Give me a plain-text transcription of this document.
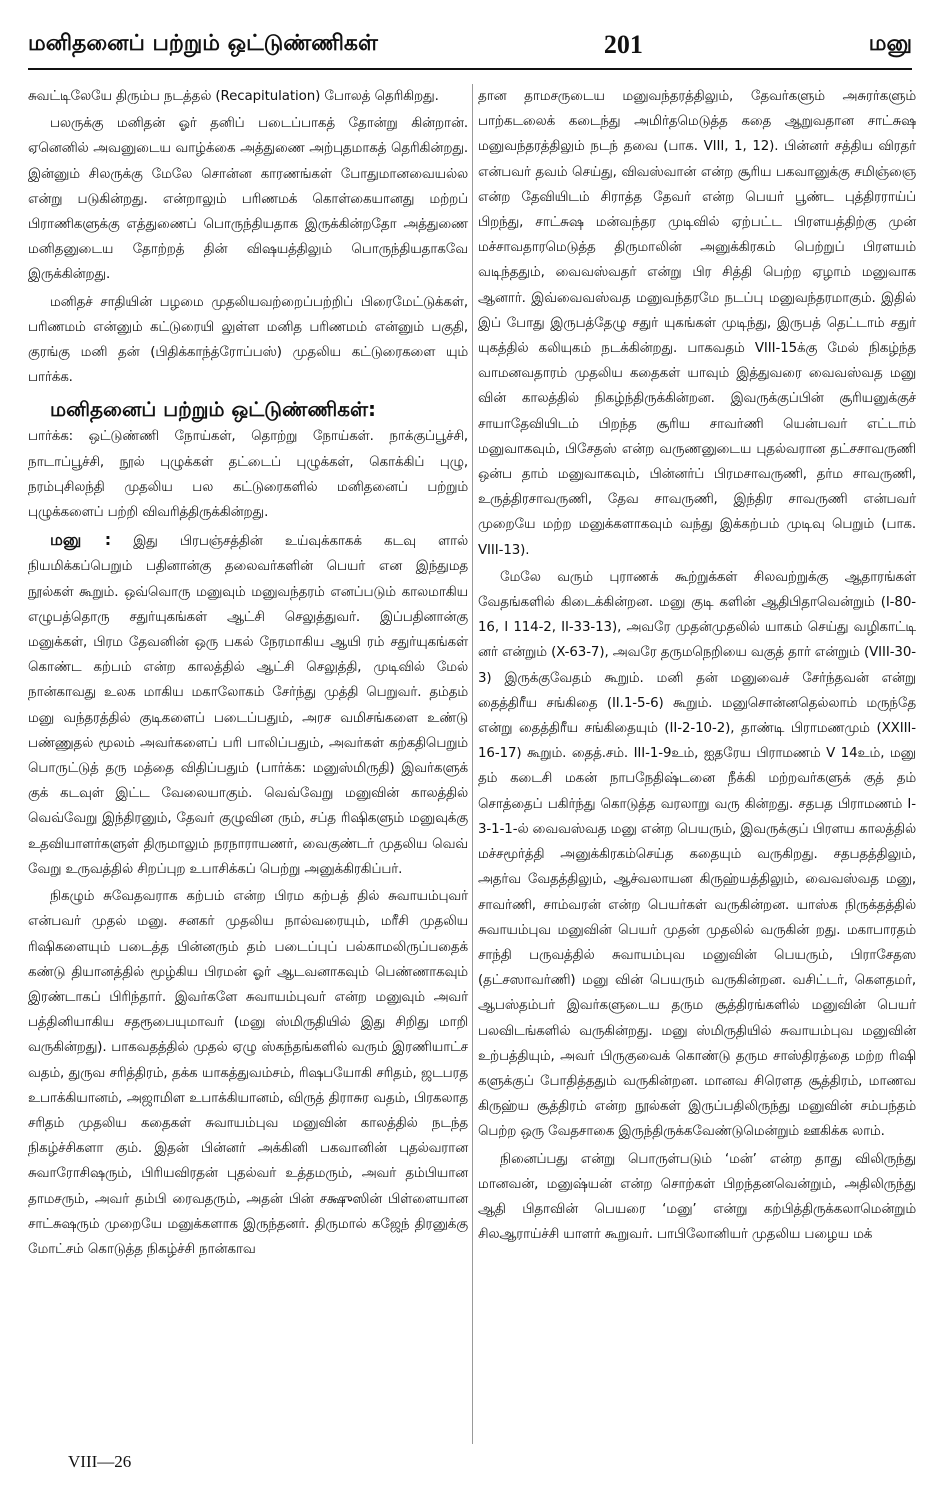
மனிதனைப் பற்றும் ஒட்டுண்ணிகள்	201	மனு

சுவட்டிலேயே திரும்ப நடத்தல் (Recapitulation) போலத் தெரிகிறது.

பலருக்கு மனிதன் ஓர் தனிப் படைப்பாகத் தோன்று கின்றான். ஏனெனில் அவனுடைய வாழ்க்கை அத்துணை அற்புதமாகத் தெரிகின்றது. இன்னும் சிலருக்கு மேலே சொன்ன காரணங்கள் போதுமானவையல்ல என்று படுகின்றது. என்றாலும் பரிணமக் கொள்கையானது மற்றப் பிராணிகளுக்கு எத்துணைப் பொருந்தியதாக இருக்கின்றதோ அத்துணை மனிதனுடைய தோற்றத் தின் விஷயத்திலும் பொருந்தியதாகவே இருக்கின்றது.

மனிதச் சாதியின் பழமை முதலியவற்றைப்பற்றிப் பிரைமேட்டுக்கள், பரிணமம் என்னும் கட்டுரையி லுள்ள மனித பரிணமம் என்னும் பகுதி, குரங்கு மனி தன் (பிதிக்காந்த்ரோப்பஸ்) முதலிய கட்டுரைகளை யும் பார்க்க.

மனிதனைப் பற்றும் ஒட்டுண்ணிகள்:

பார்க்க: ஒட்டுண்ணி நோய்கள், தொற்று நோய்கள். நாக்குப்பூச்சி, நாடாப்பூச்சி, நூல் புழுக்கள் தட்டைப் புழுக்கள், கொக்கிப் புழு, நரம்புசிலந்தி முதலிய பல கட்டுரைகளில் மனிதனைப் பற்றும் புழுக்களைப் பற்றி விவரித்திருக்கின்றது.

மனு : இது பிரபஞ்சத்தின் உய்வுக்காகக் கடவு ளால் நியமிக்கப்பெறும் பதினான்கு தலைவர்களின் பெயர் என இந்துமத நூல்கள் கூறும். ஒவ்வொரு மனுவும் மனுவந்தரம் எனப்படும் காலமாகிய எழுபத்தொரு சதுர்யுகங்கள் ஆட்சி செலுத்துவர். இப்பதினான்கு மனுக்கள், பிரம தேவனின் ஒரு பகல் நேரமாகிய ஆயி ரம் சதுர்யுகங்கள் கொண்ட கற்பம் என்ற காலத்தில் ஆட்சி செலுத்தி, முடிவில் மேல் நான்காவது உலக மாகிய மகாலோகம் சேர்ந்து முத்தி பெறுவர். தம்தம் மனு வந்தரத்தில் குடிகளைப் படைப்பதும், அரச வமிசங்களை உண்டு பண்ணுதல் மூலம் அவர்களைப் பரி பாலிப்பதும், அவர்கள் கற்கதிபெறும் பொருட்டுத் தரு மத்தை விதிப்பதும் (பார்க்க: மனுஸ்மிருதி) இவர்களுக் குக் கடவுள் இட்ட வேலையாகும். வெவ்வேறு மனுவின் காலத்தில் வெவ்வேறு இந்திரனும், தேவர் குழுவின ரும், சப்த ரிஷிகளும் மனுவுக்கு உதவியாளர்களுள் திருமாலும் நரநாராயணர், வைகுண்டர் முதலிய வெவ் வேறு உருவத்தில் சிறப்புற உபாசிக்கப் பெற்று அனுக்கிரகிப்பர்.

நிகழும் சுவேதவராக கற்பம் என்ற பிரம கற்பத் தில் சுவாயம்புவர் என்பவர் முதல் மனு. சனகர் முதலிய நால்வரையும், மரீசி முதலிய ரிஷிகளையும் படைத்த பின்னரும் தம் படைப்புப் பல்காமலிருப்பதைக் கண்டு தியானத்தில் மூழ்கிய பிரமன் ஓர் ஆடவனாகவும் பெண்ணாகவும் இரண்டாகப் பிரிந்தார். இவர்களே சுவாயம்புவர் என்ற மனுவும் அவர் பத்தினியாகிய சதரூபையுமாவர் (மனு ஸ்மிருதியில் இது சிறிது மாறி வருகின்றது). பாகவதத்தில் முதல் ஏழு ஸ்கந்தங்களில் வரும் இரணியாட்ச வதம், துருவ சரித்திரம், தக்க யாகத்துவம்சம், ரிஷபயோகி சரிதம், ஜடபரத உபாக்கியானம், அஜாமிள உபாக்கியானம், விருத் திராசுர வதம், பிரகலாத சரிதம் முதலிய கதைகள் சுவாயம்புவ மனுவின் காலத்தில் நடந்த நிகழ்ச்சிகளா கும். இதன் பின்னர் அக்கினி பகவானின் புதல்வரான சுவாரோசிஷரும், பிரியவிரதன் புதல்வர் உத்தமரும், அவர் தம்பியான தாமசரும், அவர் தம்பி ரைவதரும், அதன் பின் சக்ஷுஸின் பிள்ளையான சாட்சுஷரும் முறையே மனுக்களாக இருந்தனர். திருமால் கஜேந் திரனுக்கு மோட்சம் கொடுத்த நிகழ்ச்சி நான்காவ

தான தாமசருடைய மனுவந்தரத்திலும், தேவர்களும் அசுரர்களும் பாற்கடலைக் கடைந்து அமிர்தமெடுத்த கதை ஆறுவதான சாட்சுஷ மனுவந்தரத்திலும் நடந் தவை (பாக. VIII, 1, 12). பின்னர் சத்திய விரதர் என்பவர் தவம் செய்து, விவஸ்வான் என்ற சூரிய பகவானுக்கு சமிஞ்ஞை என்ற தேவியிடம் சிராத்த தேவர் என்ற பெயர் பூண்ட புத்திரராய்ப் பிறந்து, சாட்சுஷ மன்வந்தர முடிவில் ஏற்பட்ட பிரளயத்திற்கு முன் மச்சாவதாரமெடுத்த திருமாலின் அனுக்கிரகம் பெற்றுப் பிரளயம் வடிந்ததும், வைவஸ்வதர் என்று பிர சித்தி பெற்ற ஏழாம் மனுவாக ஆனார். இவ்வைவஸ்வத மனுவந்தரமே நடப்பு மனுவந்தரமாகும். இதில் இப் போது இருபத்தேழு சதுர் யுகங்கள் முடிந்து, இருபத் தெட்டாம் சதுர் யுகத்தில் கலியுகம் நடக்கின்றது. பாகவதம் VIII-15க்கு மேல் நிகழ்ந்த வாமனவதாரம் முதலிய கதைகள் யாவும் இத்துவரை வைவஸ்வத மனு வின் காலத்தில் நிகழ்ந்திருக்கின்றன. இவருக்குப்பின் சூரியனுக்குச் சாயாதேவியிடம் பிறந்த சூரிய சாவர்ணி யென்பவர் எட்டாம் மனுவாகவும், பிசேதஸ் என்ற வருணனுடைய புதல்வரான தட்சசாவருணி ஒன்ப தாம் மனுவாகவும், பின்னர்ப் பிரமசாவருணி, தர்ம சாவருணி, உருத்திரசாவருணி, தேவ சாவருணி, இந்திர சாவருணி என்பவர் முறையே மற்ற மனுக்களாகவும் வந்து இக்கற்பம் முடிவு பெறும் (பாக. VIII-13).

மேலே வரும் புராணக் கூற்றுக்கள் சிலவற்றுக்கு ஆதாரங்கள் வேதங்களில் கிடைக்கின்றன. மனு குடி களின் ஆதிபிதாவென்றும் (I-80-16, I 114-2, II-33-13), அவரே முதன்முதலில் யாகம் செய்து வழிகாட்டி னர் என்றும் (X-63-7), அவரே தருமநெறியை வகுத் தார் என்றும் (VIII-30-3) இருக்குவேதம் கூறும். மனி தன் மனுவைச் சேர்ந்தவன் என்று தைத்திரீய சங்கிதை (II.1-5-6) கூறும். மனுசொன்னதெல்லாம் மருந்தே என்று தைத்திரீய சங்கிதையும் (II-2-10-2), தாண்டி பிராமணமும் (XXIII-16-17) கூறும். தைத்.சம். III-1-9உம், ஐதரேய பிராமணம் V 14உம், மனு தம் கடைசி மகன் நாபநேதிஷ்டனை நீக்கி மற்றவர்களுக் குத் தம் சொத்தைப் பகிர்ந்து கொடுத்த வரலாறு வரு கின்றது. சதபத பிராமணம் I-3-1-1-ல் வைவஸ்வத மனு என்ற பெயரும், இவருக்குப் பிரளய காலத்தில் மச்சமூர்த்தி அனுக்கிரகம்செய்த கதையும் வருகிறது. சதபதத்திலும், அதர்வ வேதத்திலும், ஆச்வலாயன கிருஹ்யத்திலும், வைவஸ்வத மனு, சாவர்ணி, சாம்வரன் என்ற பெயர்கள் வருகின்றன. யாஸ்க நிருக்தத்தில் சுவாயம்புவ மனுவின் பெயர் முதன் முதலில் வருகின் றது. மகாபாரதம் சாந்தி பருவத்தில் சுவாயம்புவ மனுவின் பெயரும், பிராசேதஸ (தட்சஸாவர்ணி) மனு வின் பெயரும் வருகின்றன. வசிட்டர், கௌதமர், ஆபஸ்தம்பர் இவர்களுடைய தரும சூத்திரங்களில் மனுவின் பெயர் பலவிடங்களில் வருகின்றது. மனு ஸ்மிருதியில் சுவாயம்புவ மனுவின் உற்பத்தியும், அவர் பிருகுவைக் கொண்டு தரும சாஸ்திரத்தை மற்ற ரிஷி களுக்குப் போதித்ததும் வருகின்றன. மானவ சிரௌத சூத்திரம், மாணவ கிருஹ்ய சூத்திரம் என்ற நூல்கள் இருப்பதிலிருந்து மனுவின் சம்பந்தம் பெற்ற ஒரு வேதசாகை இருந்திருக்கவேண்டுமென்றும் ஊகிக்க லாம்.

நினைப்பது என்று பொருள்படும் ‘மன்’ என்ற தாது விலிருந்து மானவன், மனுஷ்யன் என்ற சொற்கள் பிறந்தனவென்றும், அதிலிருந்து ஆதி பிதாவின் பெயரை ‘மனு’ என்று கற்பித்திருக்கலாமென்றும் சிலஆராய்ச்சி யாளர் கூறுவர். பாபிலோனியர் முதலிய பழைய மக்

VIII—26
